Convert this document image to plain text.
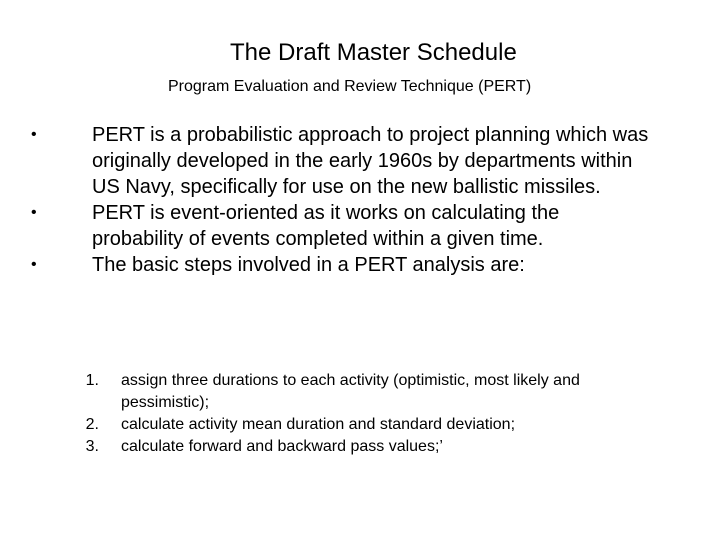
The Draft Master Schedule
Program Evaluation and Review Technique (PERT)
•	PERT is a probabilistic approach to project planning which was originally developed in the early 1960s by departments within US Navy, specifically for use on the new ballistic missiles.
•	PERT is event-oriented as it works on calculating the probability of events completed within a given time.
•	The basic steps involved in a PERT analysis are:
1. assign three durations to each activity (optimistic, most likely and pessimistic);
2. calculate activity mean duration and standard deviation;
3. calculate forward and backward pass values;’
